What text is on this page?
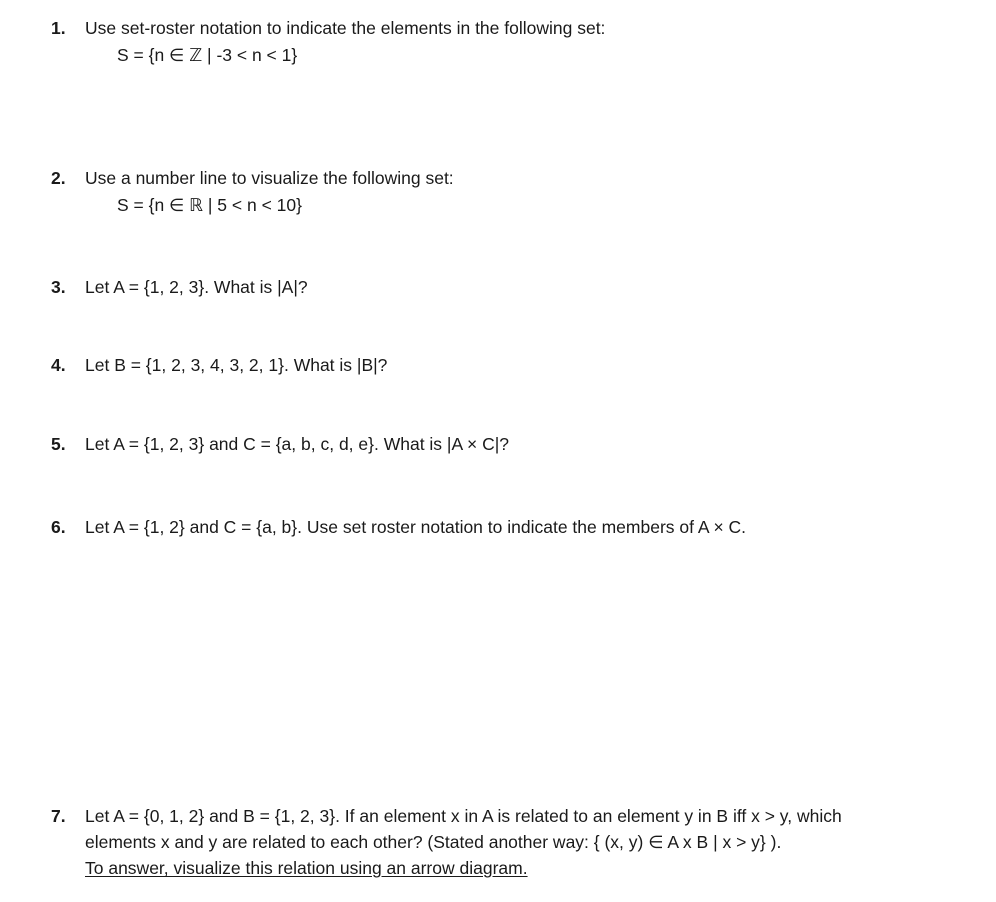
1. Use set-roster notation to indicate the elements in the following set:
S = {n ∈ ℤ | -3 < n < 1}
2. Use a number line to visualize the following set:
S = {n ∈ ℝ | 5 < n < 10}
3. Let A = {1, 2, 3}. What is |A|?
4. Let B = {1, 2, 3, 4, 3, 2, 1}. What is |B|?
5. Let A = {1, 2, 3} and C = {a, b, c, d, e}. What is |A × C|?
6. Let A = {1, 2} and C = {a, b}. Use set roster notation to indicate the members of A × C.
7. Let A = {0, 1, 2} and B = {1, 2, 3}. If an element x in A is related to an element y in B iff x > y, which
elements x and y are related to each other? (Stated another way: { (x, y) ∈ A x B | x > y} ).
To answer, visualize this relation using an arrow diagram.
